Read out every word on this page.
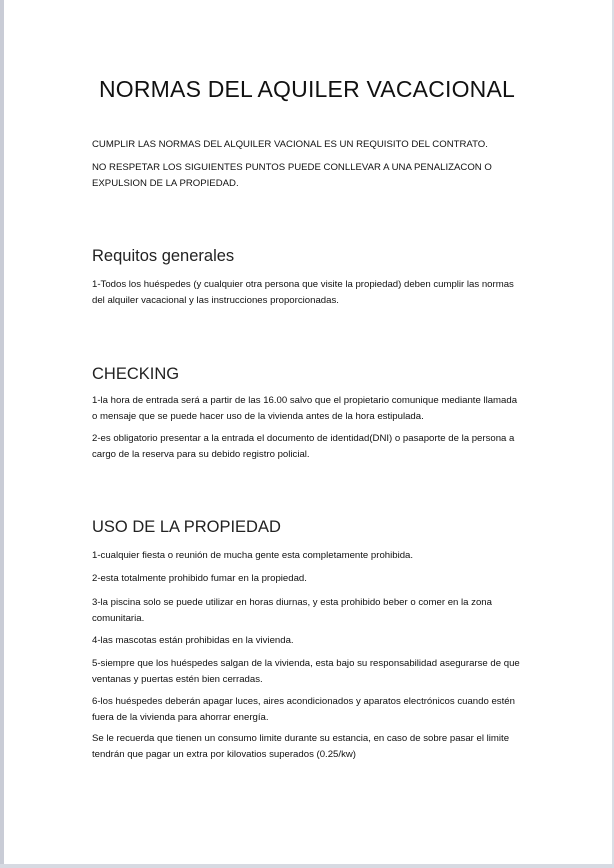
NORMAS DEL AQUILER VACACIONAL
CUMPLIR LAS NORMAS DEL ALQUILER VACIONAL ES UN REQUISITO DEL CONTRATO.
NO RESPETAR LOS SIGUIENTES PUNTOS PUEDE CONLLEVAR A UNA PENALIZACON O EXPULSION DE LA PROPIEDAD.
Requitos generales
1-Todos los huéspedes (y cualquier otra persona que visite la propiedad) deben cumplir las normas del alquiler vacacional y las instrucciones proporcionadas.
CHECKING
1-la hora de entrada será a partir de las 16.00 salvo que el propietario comunique mediante llamada o mensaje que se puede hacer uso de la vivienda antes de la hora estipulada.
2-es obligatorio presentar a la entrada el documento de identidad(DNI) o pasaporte de la persona a cargo de la reserva para su debido registro policial.
USO DE LA PROPIEDAD
1-cualquier fiesta o reunión de mucha gente esta completamente prohibida.
2-esta totalmente prohibido fumar en la propiedad.
3-la piscina solo se puede utilizar en horas diurnas, y esta prohibido beber o comer en la zona comunitaria.
4-las mascotas están prohibidas en la vivienda.
5-siempre que los huéspedes salgan de la vivienda, esta bajo su responsabilidad asegurarse de que ventanas y puertas estén bien cerradas.
6-los huéspedes deberán apagar luces, aires acondicionados y aparatos electrónicos cuando estén fuera de la vivienda para ahorrar energía.
Se le recuerda que tienen un consumo limite durante su estancia, en caso de sobre pasar el limite tendrán que pagar un extra por kilovatios superados (0.25/kw)
